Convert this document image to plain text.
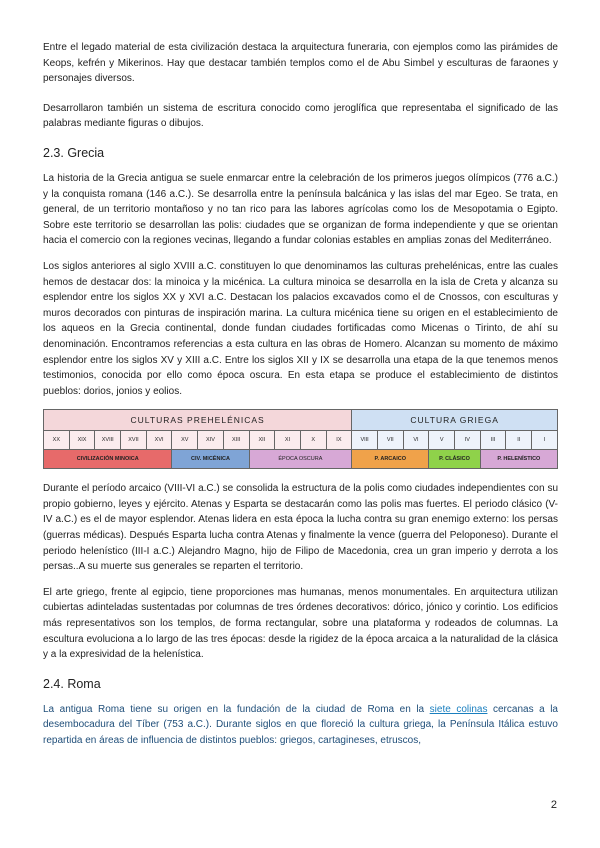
Entre el legado material de esta civilización destaca la arquitectura funeraria, con ejemplos como las pirámides de Keops, kefrén y Mikerinos. Hay que destacar también templos como el de Abu Simbel y esculturas de faraones y personajes diversos.

Desarrollaron también un sistema de escritura conocido como jeroglífica que representaba el significado de las palabras mediante figuras o dibujos.

2.3. Grecia

La historia de la Grecia antigua se suele enmarcar entre la celebración de los primeros juegos olímpicos (776 a.C.) y la conquista romana (146 a.C.). Se desarrolla entre la península balcánica y las islas del mar Egeo. Se trata, en general, de un territorio montañoso y no tan rico para las labores agrícolas como los de Mesopotamia o Egipto. Sobre este territorio se desarrollan las polis: ciudades que se organizan de forma independiente y que se orientan hacia el comercio con la regiones vecinas, llegando a fundar colonias estables en amplias zonas del Mediterráneo.

Los siglos anteriores al siglo XVIII a.C. constituyen lo que denominamos las culturas prehelénicas, entre las cuales hemos de destacar dos: la minoica y la micénica. La cultura minoica se desarrolla en la isla de Creta y alcanza su esplendor entre los siglos XX y XVI a.C. Destacan los palacios excavados como el de Cnossos, con esculturas y muros decorados con pinturas de inspiración marina. La cultura micénica tiene su origen en el establecimiento de los aqueos en la Grecia continental, donde fundan ciudades fortificadas como Micenas o Tirinto, de ahí su denominación. Encontramos referencias a esta cultura en las obras de Homero. Alcanzan su momento de máximo esplendor entre los siglos XV y XIII a.C. Entre los siglos XII y IX se desarrolla una etapa de la que tenemos menos testimonios, conocida por ello como época oscura. En esta etapa se produce el establecimiento de distintos pueblos: dorios, jonios y eolios.

CULTURAS PREHELÉNICAS												CULTURA GRIEGA							
XX	XIX	XVIII	XVII	XVI	XV	XIV	XIII	XII	XI	X	IX	VIII	VII	VI	V	IV	III	II	I
CIVILIZACIÓN MINOICA					CIV. MICÉNICA			ÉPOCA OSCURA				P. ARCAICO			P. CLÁSICO		P. HELENÍSTICO		

Durante el período arcaico (VIII-VI a.C.) se consolida la estructura de la polis como ciudades independientes con su propio gobierno, leyes y ejército. Atenas y Esparta se destacarán como las polis mas fuertes. El periodo clásico (V-IV a.C.) es el de mayor esplendor. Atenas lidera en esta época la lucha contra su gran enemigo externo: los persas (guerras médicas). Después Esparta lucha contra Atenas y finalmente la vence (guerra del Peloponeso). Durante el periodo helenístico (III-I a.C.) Alejandro Magno, hijo de Filipo de Macedonia, crea un gran imperio y derrota a los persas..A su muerte sus generales se reparten el territorio.

El arte griego, frente al egipcio, tiene proporciones mas humanas, menos monumentales. En arquitectura utilizan cubiertas adinteladas sustentadas por columnas de tres órdenes decorativos: dórico, jónico y corintio. Los edificios más representativos son los templos, de forma rectangular, sobre una plataforma y rodeados de columnas. La escultura evoluciona a lo largo de las tres épocas: desde la rigidez de la época arcaica a la naturalidad de la clásica y a la expresividad de la helenística.

2.4. Roma

La antigua Roma tiene su origen en la fundación de la ciudad de Roma en la siete colinas cercanas a la desembocadura del Tíber (753 a.C.). Durante siglos en que floreció la cultura griega, la Península Itálica estuvo repartida en áreas de influencia de distintos pueblos: griegos, cartagineses, etruscos,

2
